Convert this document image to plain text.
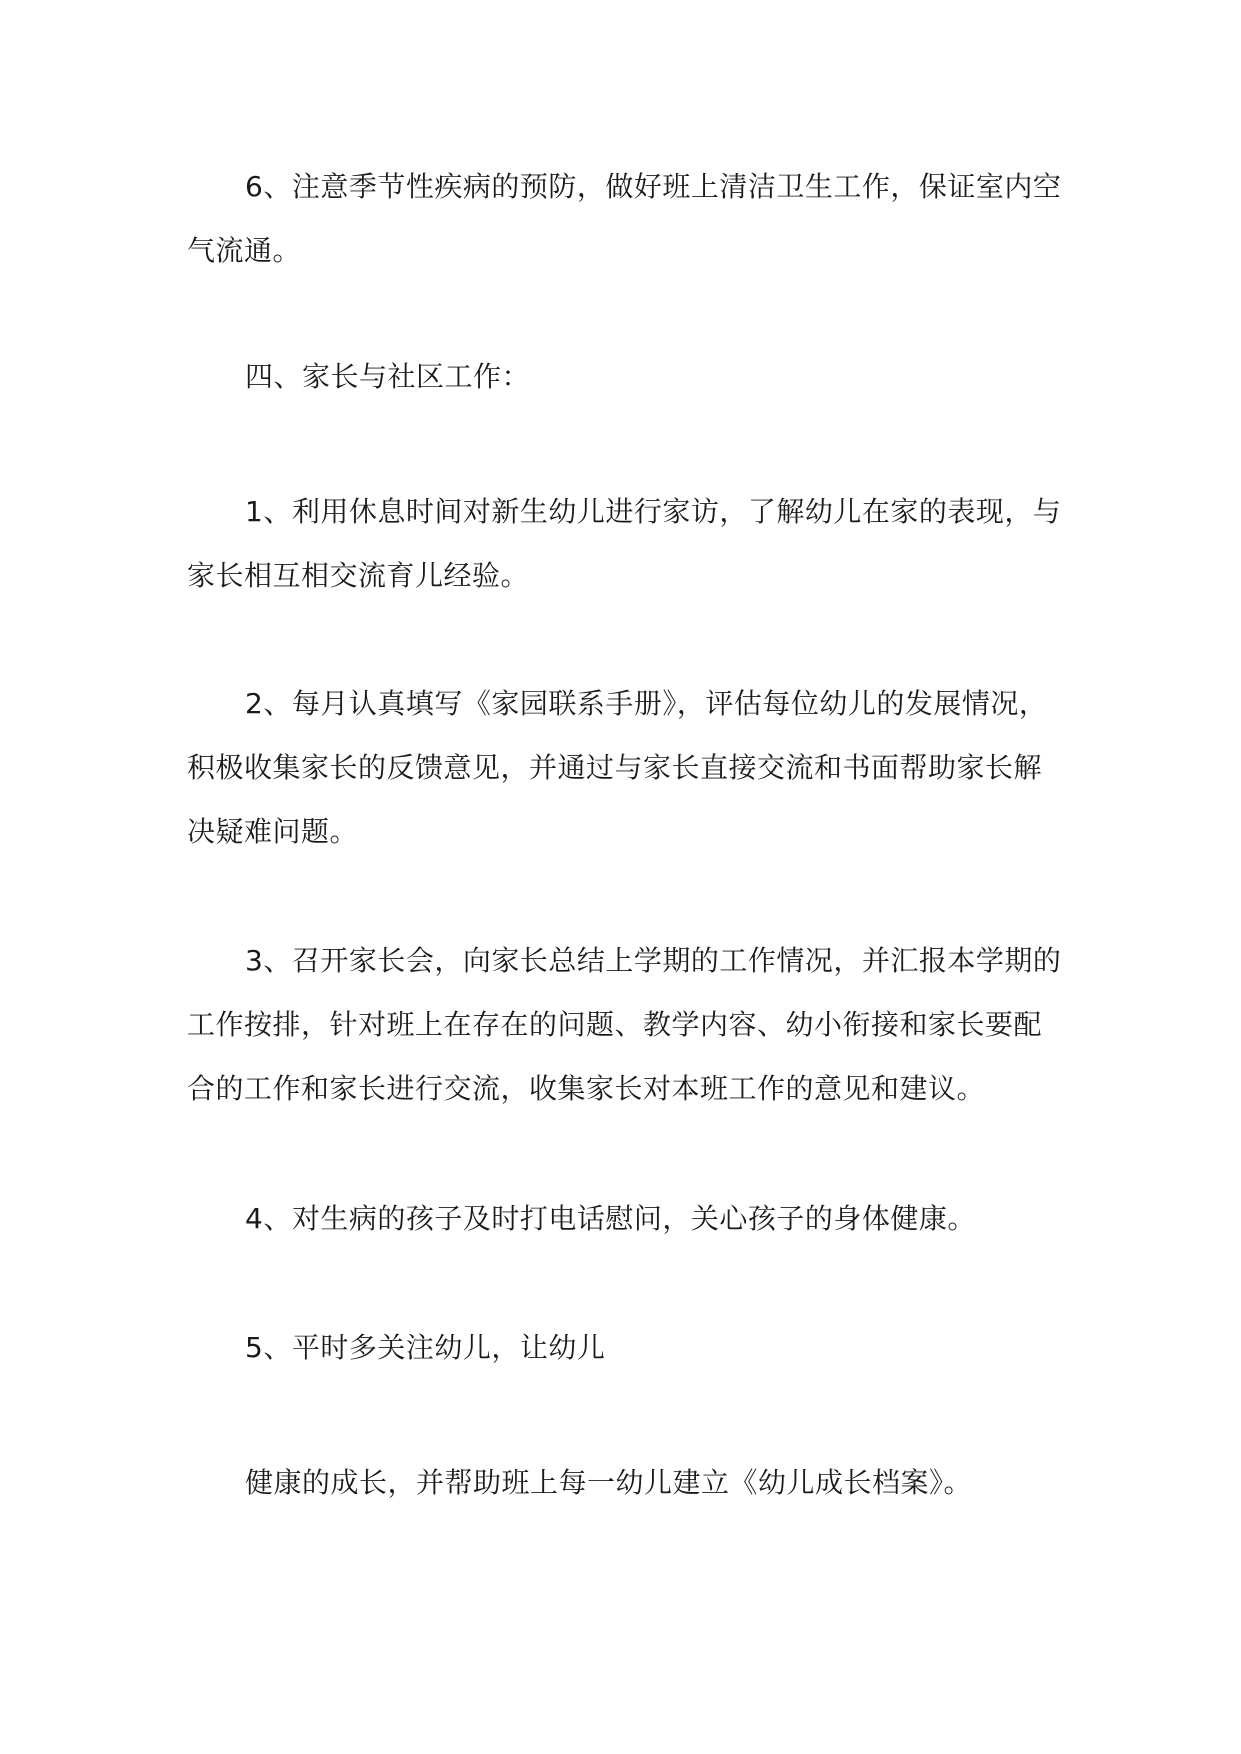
6、注意季节性疾病的预防，做好班上清洁卫生工作，保证室内空气流通。

四、家长与社区工作：

1、利用休息时间对新生幼儿进行家访，了解幼儿在家的表现，与家长相互相交流育儿经验。

2、每月认真填写《家园联系手册》，评估每位幼儿的发展情况，积极收集家长的反馈意见，并通过与家长直接交流和书面帮助家长解决疑难问题。

3、召开家长会，向家长总结上学期的工作情况，并汇报本学期的工作按排，针对班上在存在的问题、教学内容、幼小衔接和家长要配合的工作和家长进行交流，收集家长对本班工作的意见和建议。

4、对生病的孩子及时打电话慰问，关心孩子的身体健康。

5、平时多关注幼儿，让幼儿

健康的成长，并帮助班上每一幼儿建立《幼儿成长档案》。
